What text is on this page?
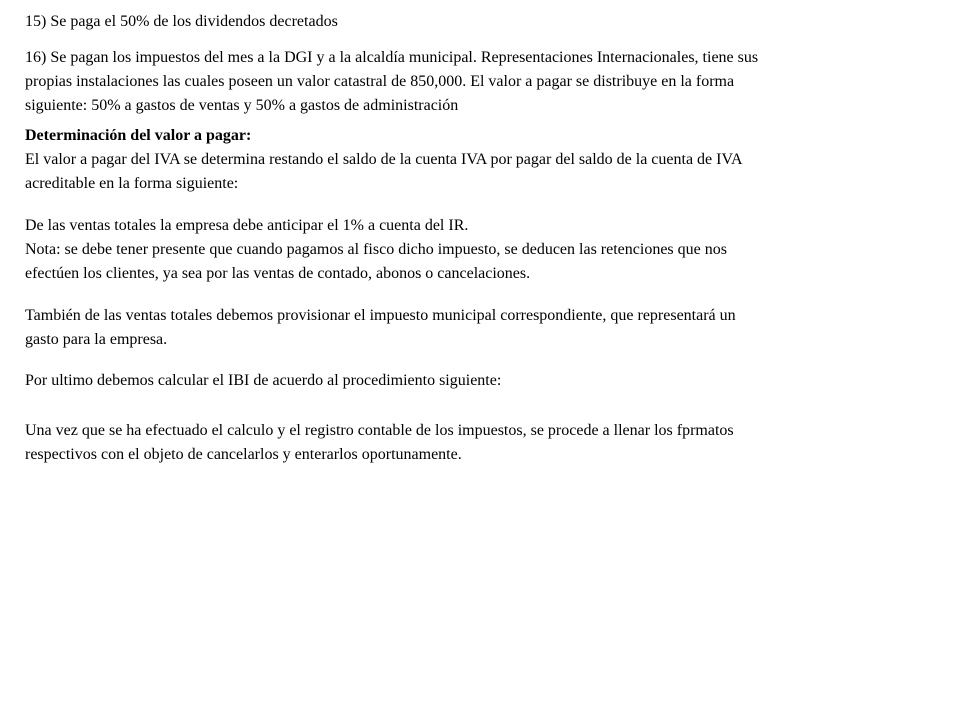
15) Se paga el 50% de los dividendos decretados
16) Se pagan los impuestos del mes a la DGI y a la alcaldía municipal. Representaciones Internacionales, tiene sus
propias instalaciones las cuales poseen un valor catastral de 850,000. El valor a pagar se distribuye en la forma
siguiente: 50% a gastos de ventas y 50% a gastos de administración
Determinación del valor a pagar:
El valor a pagar del IVA se determina restando el saldo de la cuenta IVA por pagar del saldo de la cuenta de IVA
acreditable en la forma siguiente:
De las ventas totales la empresa debe anticipar el 1% a cuenta del IR.
Nota: se debe tener presente que cuando pagamos al fisco dicho impuesto, se deducen las retenciones que nos
efectúen los clientes, ya sea por las ventas de contado, abonos o cancelaciones.
También de las ventas totales debemos provisionar el impuesto municipal correspondiente, que representará un
gasto para la empresa.
Por ultimo debemos calcular el IBI de acuerdo al procedimiento siguiente:
Una vez que se ha efectuado el calculo y el registro contable de los impuestos, se procede a llenar los fprmatos
respectivos con el objeto de cancelarlos y enterarlos oportunamente.
